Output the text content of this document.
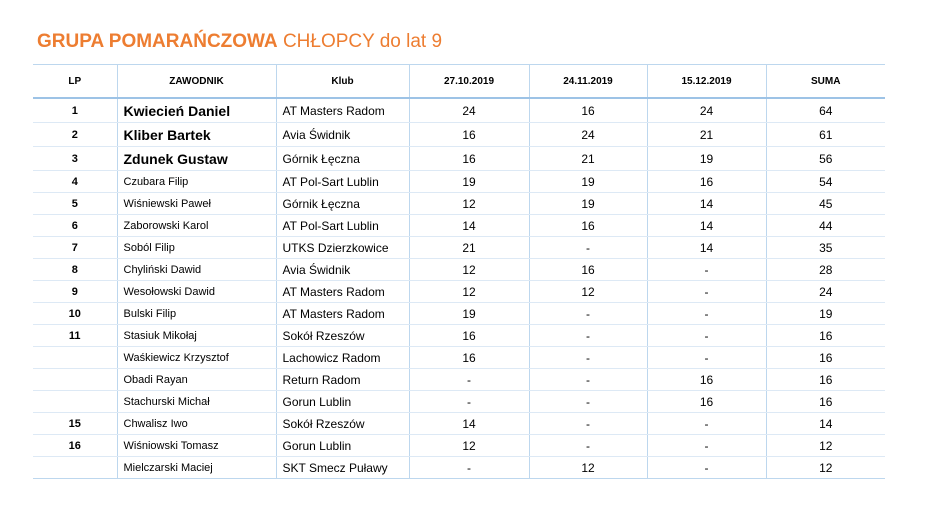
GRUPA POMARAŃCZOWA CHŁOPCY do lat 9
LP	ZAWODNIK	Klub	27.10.2019	24.11.2019	15.12.2019	SUMA
1	Kwiecień Daniel	AT Masters Radom	24	16	24	64
2	Kliber Bartek	Avia Świdnik	16	24	21	61
3	Zdunek Gustaw	Górnik Łęczna	16	21	19	56
4	Czubara Filip	AT Pol-Sart Lublin	19	19	16	54
5	Wiśniewski Paweł	Górnik Łęczna	12	19	14	45
6	Zaborowski Karol	AT Pol-Sart Lublin	14	16	14	44
7	Soból Filip	UTKS Dzierzkowice	21	-	14	35
8	Chyliński Dawid	Avia Świdnik	12	16	-	28
9	Wesołowski Dawid	AT Masters Radom	12	12	-	24
10	Bulski Filip	AT Masters Radom	19	-	-	19
11	Stasiuk Mikołaj	Sokół Rzeszów	16	-	-	16
	Waśkiewicz Krzysztof	Lachowicz Radom	16	-	-	16
	Obadi Rayan	Return Radom	-	-	16	16
	Stachurski Michał	Gorun Lublin	-	-	16	16
15	Chwalisz Iwo	Sokół Rzeszów	14	-	-	14
16	Wiśniowski Tomasz	Gorun Lublin	12	-	-	12
	Mielczarski Maciej	SKT Smecz Puławy	-	12	-	12
